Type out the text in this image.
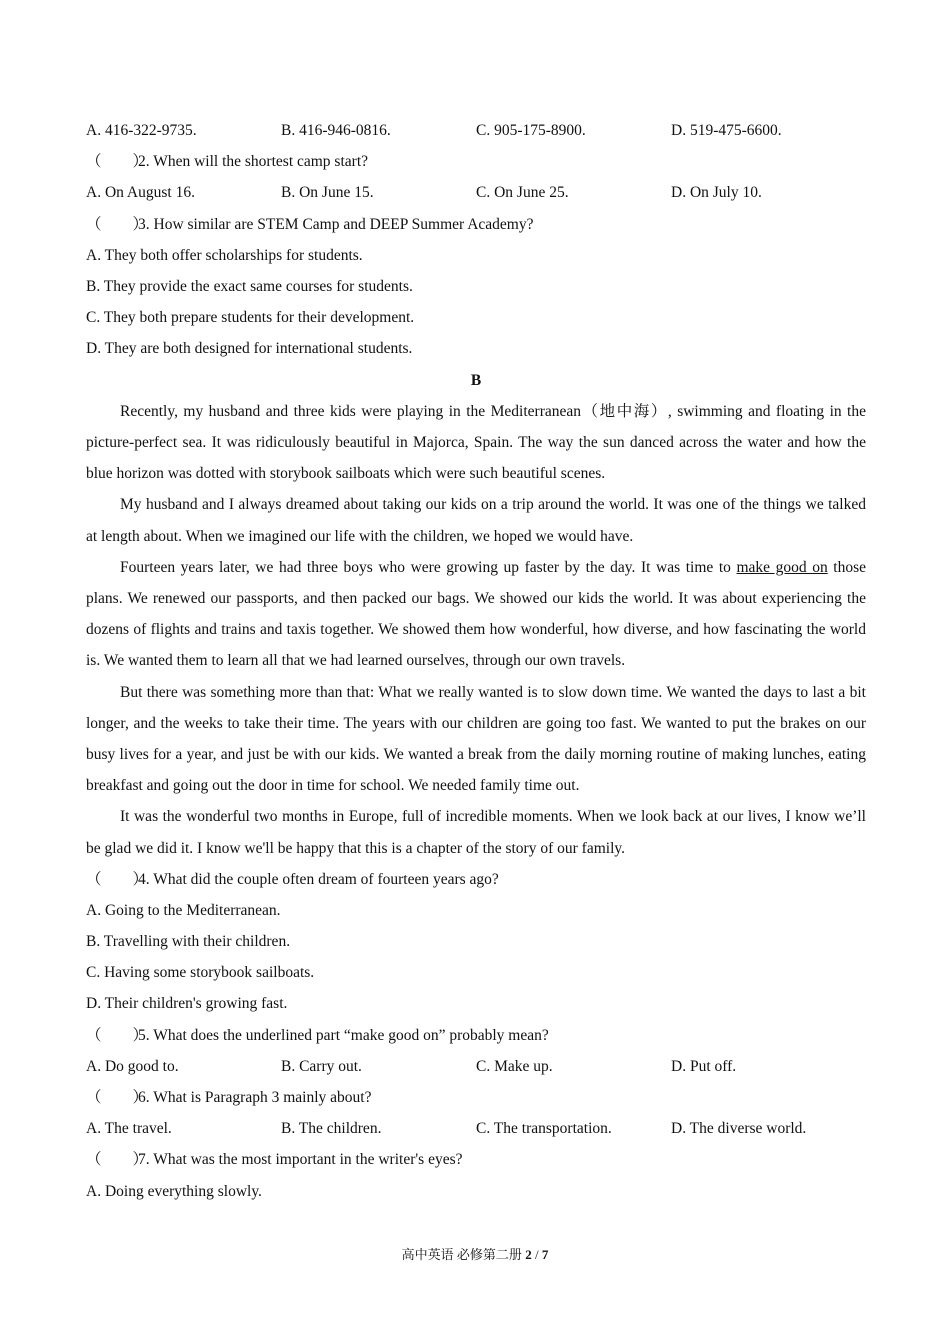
A. 416-322-9735.	B. 416-946-0816.	C. 905-175-8900.	D. 519-475-6600.
（　　）2. When will the shortest camp start?
A. On August 16.	B. On June 15.	C. On June 25.	D. On July 10.
（　　）3. How similar are STEM Camp and DEEP Summer Academy?
A. They both offer scholarships for students.
B. They provide the exact same courses for students.
C. They both prepare students for their development.
D. They are both designed for international students.
B

Recently, my husband and three kids were playing in the Mediterranean（地中海）, swimming and floating in the picture-perfect sea. It was ridiculously beautiful in Majorca, Spain. The way the sun danced across the water and how the blue horizon was dotted with storybook sailboats which were such beautiful scenes.

My husband and I always dreamed about taking our kids on a trip around the world. It was one of the things we talked at length about. When we imagined our life with the children, we hoped we would have.

Fourteen years later, we had three boys who were growing up faster by the day. It was time to make good on those plans. We renewed our passports, and then packed our bags. We showed our kids the world. It was about experiencing the dozens of flights and trains and taxis together. We showed them how wonderful, how diverse, and how fascinating the world is. We wanted them to learn all that we had learned ourselves, through our own travels.

But there was something more than that: What we really wanted is to slow down time. We wanted the days to last a bit longer, and the weeks to take their time. The years with our children are going too fast. We wanted to put the brakes on our busy lives for a year, and just be with our kids. We wanted a break from the daily morning routine of making lunches, eating breakfast and going out the door in time for school. We needed family time out.

It was the wonderful two months in Europe, full of incredible moments. When we look back at our lives, I know we’ll be glad we did it. I know we'll be happy that this is a chapter of the story of our family.

（　　）4. What did the couple often dream of fourteen years ago?
A. Going to the Mediterranean.
B. Travelling with their children.
C. Having some storybook sailboats.
D. Their children's growing fast.
（　　）5. What does the underlined part “make good on” probably mean?
A. Do good to.	B. Carry out.	C. Make up.	D. Put off.
（　　）6. What is Paragraph 3 mainly about?
A. The travel.	B. The children.	C. The transportation.	D. The diverse world.
（　　）7. What was the most important in the writer's eyes?
A. Doing everything slowly.
高中英语 必修第二册 2 / 7
